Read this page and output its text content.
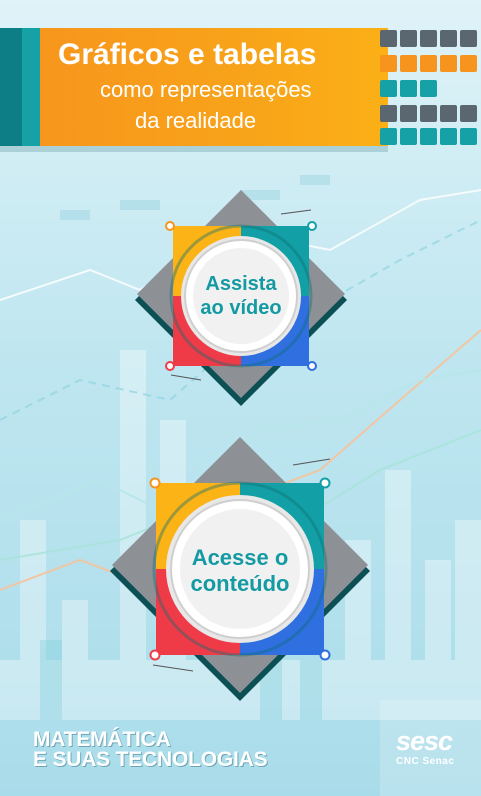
Gráficos e tabelas
como representações
da realidade
Assista ao vídeo
Acesse o conteúdo
MATEMÁTICA
E SUAS TECNOLOGIAS
sesc
CNC Senac
